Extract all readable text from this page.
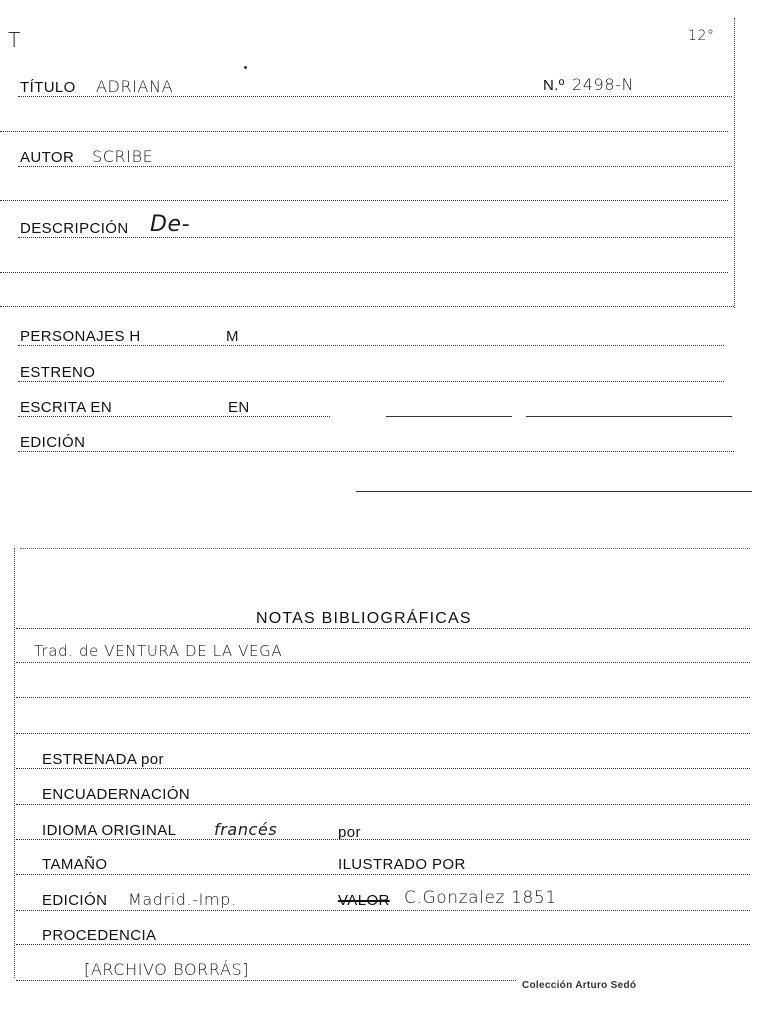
T	12°
TÍTULO ADRIANA	N.º 2498-N
AUTOR SCRIBE
DESCRIPCIÓN De-
PERSONAJES H	M
ESTRENO
ESCRITA EN	EN
EDICIÓN
NOTAS BIBLIOGRÁFICAS
Trad. de VENTURA DE LA VEGA
ESTRENADA por
ENCUADERNACIÓN
IDIOMA ORIGINAL francés	por
TAMAÑO	ILUSTRADO POR
EDICIÓN Madrid.-Imp.	VALOR C.Gonzalez 1851
PROCEDENCIA
[ARCHIVO BORRÁS]
Colección Arturo Sedó
